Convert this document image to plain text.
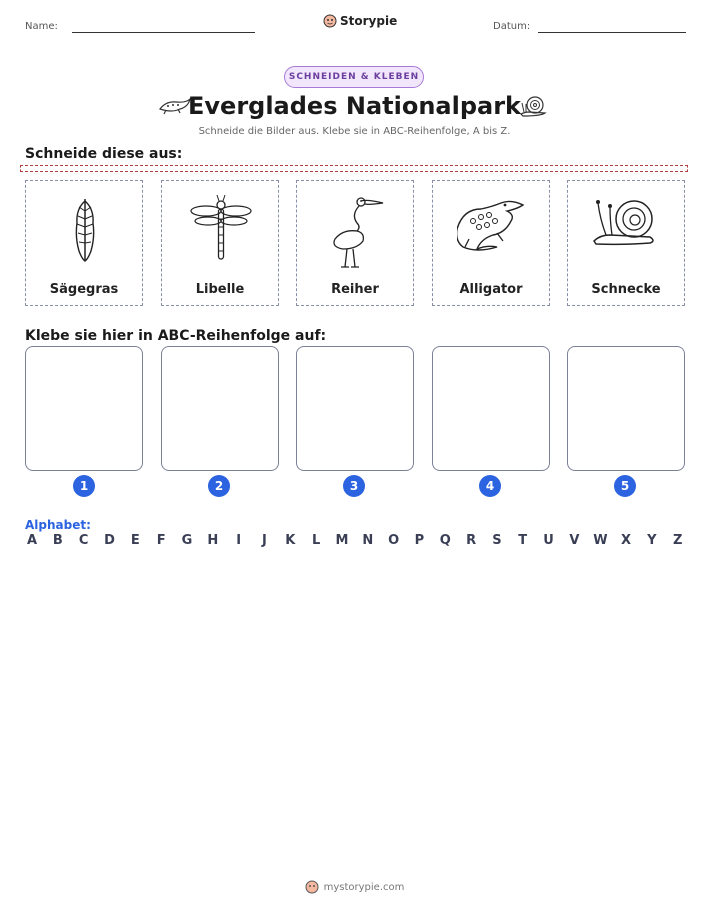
Name:	Storypie	Datum:
SCHNEIDEN & KLEBEN
Everglades Nationalpark
Schneide die Bilder aus. Klebe sie in ABC-Reihenfolge, A bis Z.
Schneide diese aus:
Sägegras	Libelle	Reiher	Alligator	Schnecke
Klebe sie hier in ABC-Reihenfolge auf:
1	2	3	4	5
Alphabet:
A B C D E F G H	I	J	K L M N O P Q R S T U V W X Y Z
mystorypie.com
